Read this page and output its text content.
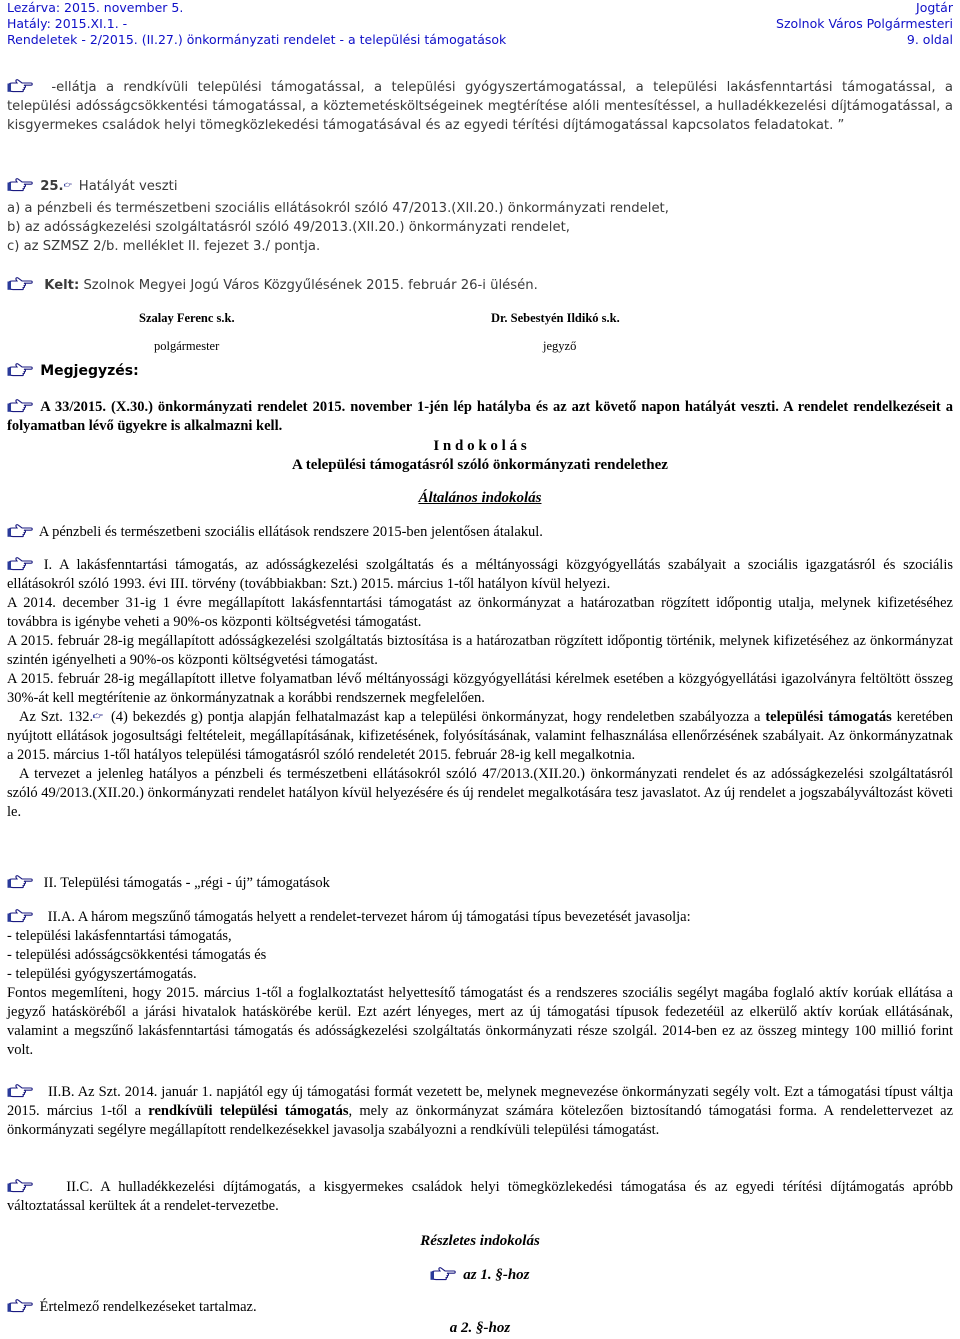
Lezárva: 2015. november 5.
Hatály: 2015.XI.1. -
Rendeletek - 2/2015. (II.27.) önkormányzati rendelet - a települési támogatások
Jogtár
Szolnok Város Polgármesteri
9. oldal
-ellátja a rendkívüli települési támogatással, a települési gyógyszertámogatással, a települési lakásfenntartási támogatással, a települési adósságcsökkentési támogatással, a köztemetésköltségeinek megtérítése alóli mentesítéssel, a hulladékkezelési díjtámogatással, a kisgyermekes családok helyi tömegközlekedési támogatásával és az egyedi térítési díjtámogatással kapcsolatos feladatokat. ”
25. Hatályát veszti
a) a pénzbeli és természetbeni szociális ellátásokról szóló 47/2013.(XII.20.) önkormányzati rendelet,
b) az adósságkezelési szolgáltatásról szóló 49/2013.(XII.20.) önkormányzati rendelet,
c) az SZMSZ 2/b. melléklet II. fejezet 3./ pontja.
Kelt: Szolnok Megyei Jogú Város Közgyűlésének 2015. február 26-i ülésén.
Szalay Ferenc s.k.
polgármester
Dr. Sebestyén Ildikó s.k.
jegyző
Megjegyzés:
A 33/2015. (X.30.) önkormányzati rendelet 2015. november 1-jén lép hatályba és az azt követő napon hatályát veszti. A rendelet rendelkezéseit a folyamatban lévő ügyekre is alkalmazni kell.
I n d o k o l á s
A települési támogatásról szóló önkormányzati rendelethez
Általános indokolás
A pénzbeli és természetbeni szociális ellátások rendszere 2015-ben jelentősen átalakul.
I. A lakásfenntartási támogatás, az adósságkezelési szolgáltatás és a méltányossági közgyógyellátás szabályait a szociális igazgatásról és szociális ellátásokról szóló 1993. évi III. törvény (továbbiakban: Szt.) 2015. március 1-től hatályon kívül helyezi.
A 2014. december 31-ig 1 évre megállapított lakásfenntartási támogatást az önkormányzat a határozatban rögzített időpontig utalja, melynek kifizetéséhez továbbra is igénybe veheti a 90%-os központi költségvetési támogatást.
A 2015. február 28-ig megállapított adósságkezelési szolgáltatás biztosítása is a határozatban rögzített időpontig történik, melynek kifizetéséhez az önkormányzat szintén igényelheti a 90%-os központi költségvetési támogatást.
A 2015. február 28-ig megállapított illetve folyamatban lévő méltányossági közgyógyellátási kérelmek esetében a közgyógyellátási igazolványra feltöltött összeg 30%-át kell megtérítenie az önkormányzatnak a korábbi rendszernek megfelelően.
Az Szt. 132. (4) bekezdés g) pontja alapján felhatalmazást kap a települési önkormányzat, hogy rendeletben szabályozza a települési támogatás keretében nyújtott ellátások jogosultsági feltételeit, megállapításának, kifizetésének, folyósításának, valamint felhasználása ellenőrzésének szabályait. Az önkormányzatnak a 2015. március 1-től hatályos települési támogatásról szóló rendeletét 2015. február 28-ig kell megalkotnia.
A tervezet a jelenleg hatályos a pénzbeli és természetbeni ellátásokról szóló 47/2013.(XII.20.) önkormányzati rendelet és az adósságkezelési szolgáltatásról szóló 49/2013.(XII.20.) önkormányzati rendelet hatályon kívül helyezésére és új rendelet megalkotására tesz javaslatot. Az új rendelet a jogszabályváltozást követi le.
II. Települési támogatás - „régi - új” támogatások
II.A. A három megszűnő támogatás helyett a rendelet-tervezet három új támogatási típus bevezetését javasolja:
- települési lakásfenntartási támogatás,
- települési adósságcsökkentési támogatás és
- települési gyógyszertámogatás.
Fontos megemlíteni, hogy 2015. március 1-től a foglalkoztatást helyettesítő támogatást és a rendszeres szociális segélyt magába foglaló aktív korúak ellátása a jegyző hatásköréből a járási hivatalok hatáskörébe kerül. Ezt azért lényeges, mert az új támogatási típusok fedezetéül az elkerülő aktív korúak ellátásának, valamint a megszűnő lakásfenntartási támogatás és adósságkezelési szolgáltatás önkormányzati része szolgál. 2014-ben ez az összeg mintegy 100 millió forint volt.
II.B. Az Szt. 2014. január 1. napjától egy új támogatási formát vezetett be, melynek megnevezése önkormányzati segély volt. Ezt a támogatási típust váltja 2015. március 1-től a rendkívüli települési támogatás, mely az önkormányzat számára kötelezően biztosítandó támogatási forma. A rendelettervezet az önkormányzati segélyre megállapított rendelkezésekkel javasolja szabályozni a rendkívüli települési támogatást.
II.C. A hulladékkezelési díjtámogatás, a kisgyermekes családok helyi tömegközlekedési támogatása és az egyedi térítési díjtámogatás apróbb változtatással kerültek át a rendelet-tervezetbe.
Részletes indokolás
az 1. §-hoz
Értelmező rendelkezéseket tartalmaz.
a 2. §-hoz
